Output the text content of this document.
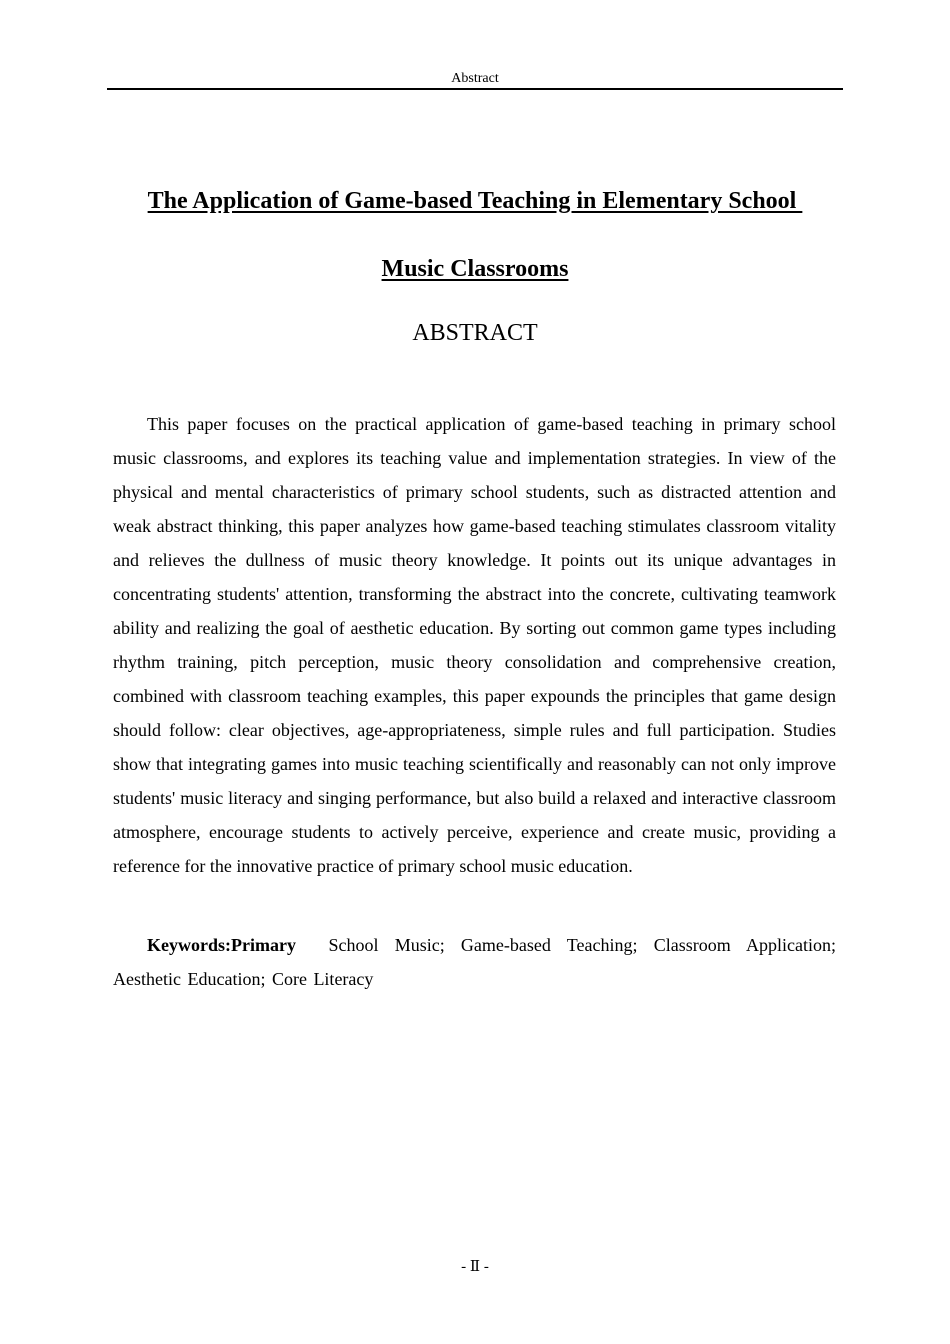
Abstract
The Application of Game-based Teaching in Elementary School
Music Classrooms
ABSTRACT

This paper focuses on the practical application of game-based teaching in primary school music classrooms, and explores its teaching value and implementation strategies. In view of the physical and mental characteristics of primary school students, such as distracted attention and weak abstract thinking, this paper analyzes how game-based teaching stimulates classroom vitality and relieves the dullness of music theory knowledge. It points out its unique advantages in concentrating students' attention, transforming the abstract into the concrete, cultivating teamwork ability and realizing the goal of aesthetic education. By sorting out common game types including rhythm training, pitch perception, music theory consolidation and comprehensive creation, combined with classroom teaching examples, this paper expounds the principles that game design should follow: clear objectives, age-appropriateness, simple rules and full participation. Studies show that integrating games into music teaching scientifically and reasonably can not only improve students' music literacy and singing performance, but also build a relaxed and interactive classroom atmosphere, encourage students to actively perceive, experience and create music, providing a reference for the innovative practice of primary school music education.

Keywords:Primary School Music; Game-based Teaching; Classroom Application; Aesthetic Education; Core Literacy

- Ⅱ -
